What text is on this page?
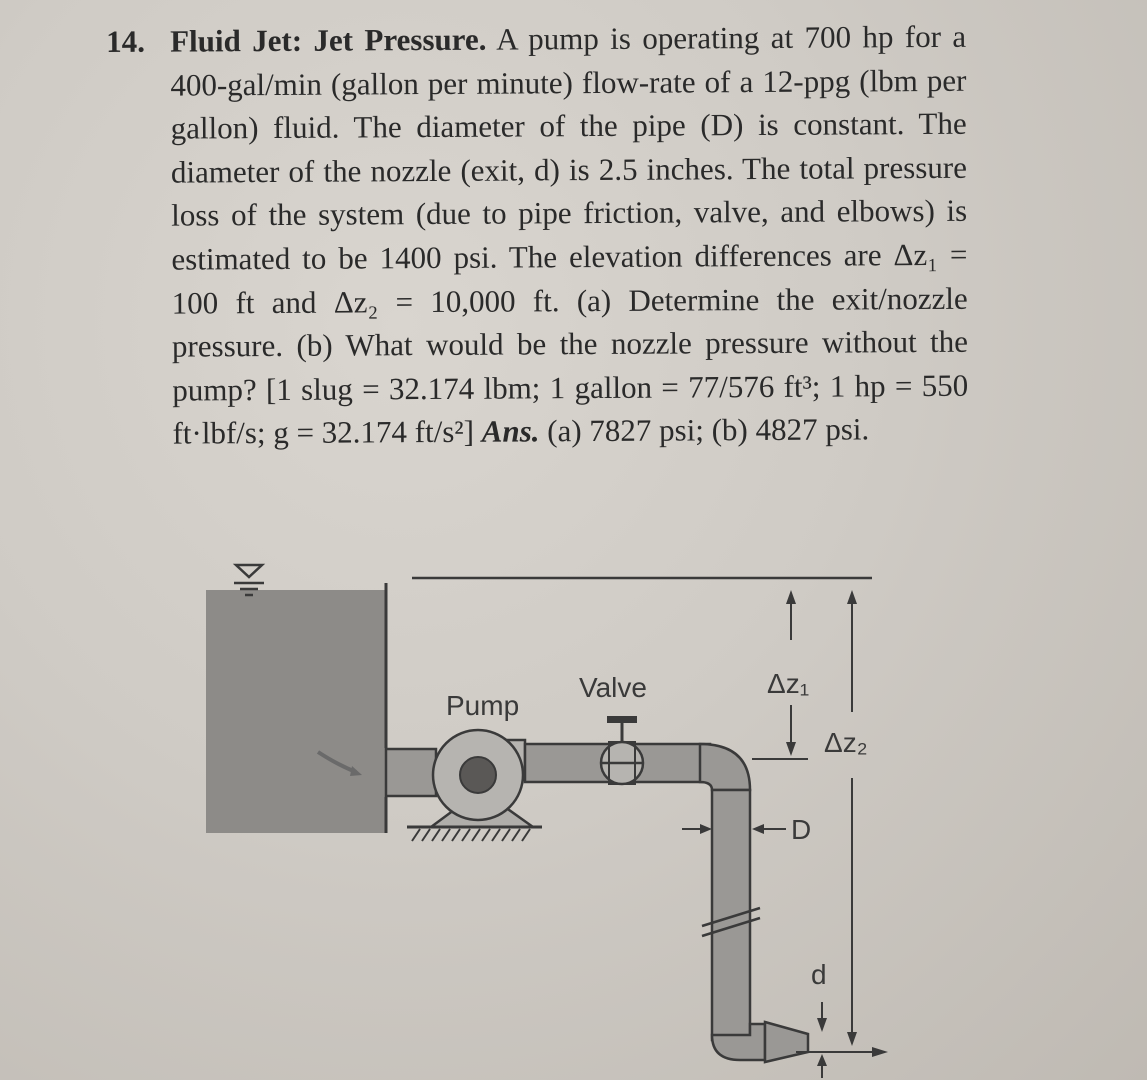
14. Fluid Jet: Jet Pressure. A pump is operating at 700 hp for a 400-gal/min (gallon per minute) flow-rate of a 12-ppg (lbm per gallon) fluid. The diameter of the pipe (D) is constant. The diameter of the nozzle (exit, d) is 2.5 inches. The total pressure loss of the system (due to pipe friction, valve, and elbows) is estimated to be 1400 psi. The elevation differences are Δz₁ = 100 ft and Δz₂ = 10,000 ft. (a) Determine the exit/nozzle pressure. (b) What would be the nozzle pressure without the pump? [1 slug = 32.174 lbm; 1 gallon = 77/576 ft³; 1 hp = 550 ft·lbf/s; g = 32.174 ft/s²] Ans. (a) 7827 psi; (b) 4827 psi.
Δz₁
Δz₂
D
d
Pump
Valve
